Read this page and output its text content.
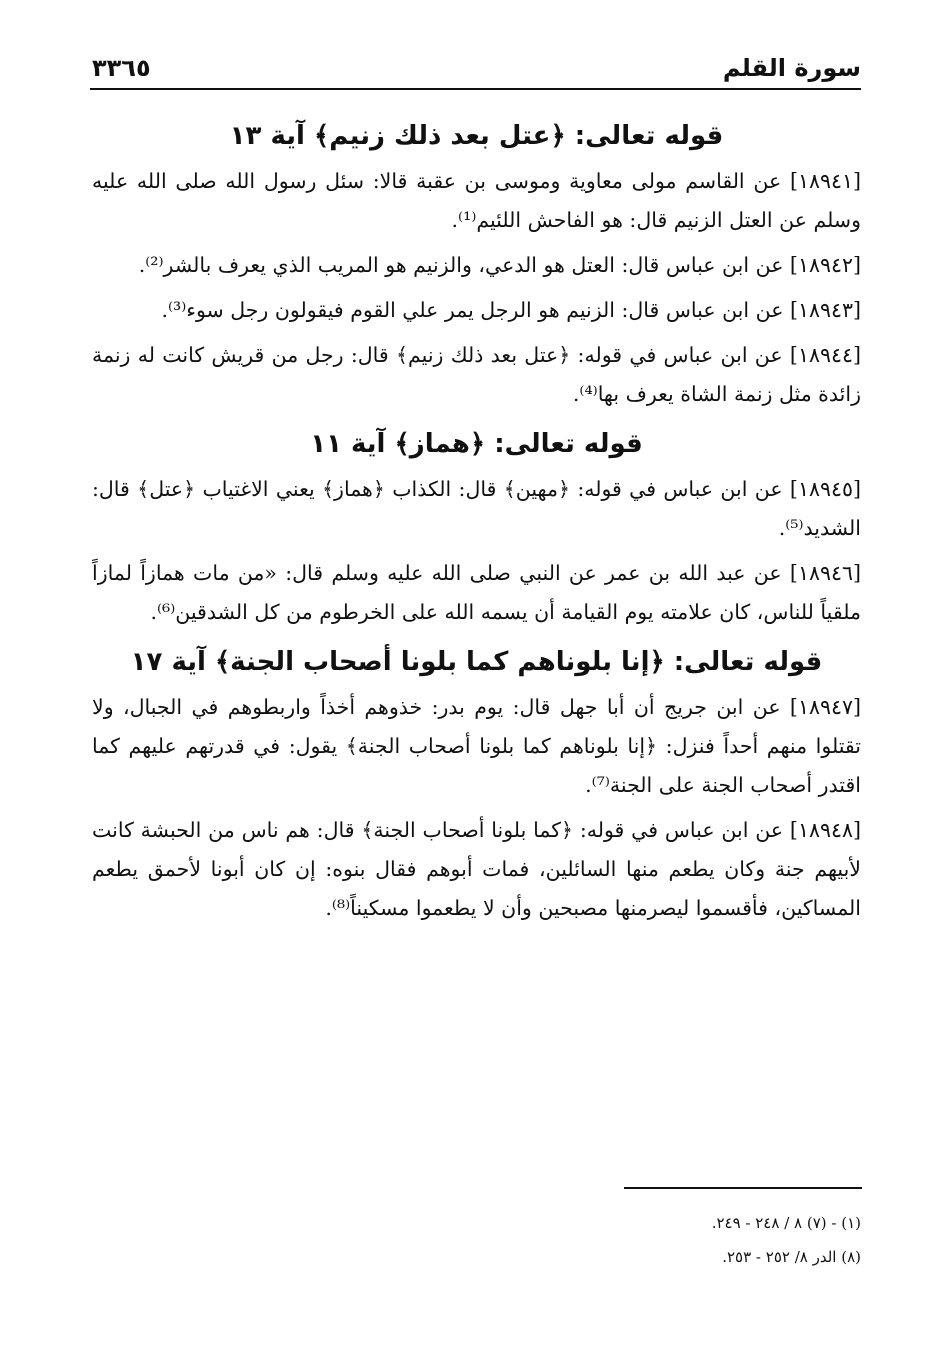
سورة القلم
٣٣٦٥
قوله تعالى: ﴿عتل بعد ذلك زنيم﴾ آية ١٣

[١٨٩٤١] عن القاسم مولى معاوية وموسى بن عقبة قالا: سئل رسول الله صلى الله عليه وسلم عن العتل الزنيم قال: هو الفاحش اللئيم⁽¹⁾.

[١٨٩٤٢] عن ابن عباس قال: العتل هو الدعي، والزنيم هو المريب الذي يعرف بالشر⁽²⁾.

[١٨٩٤٣] عن ابن عباس قال: الزنيم هو الرجل يمر علي القوم فيقولون رجل سوء⁽³⁾.

[١٨٩٤٤] عن ابن عباس في قوله: ﴿عتل بعد ذلك زنيم﴾ قال: رجل من قريش كانت له زنمة زائدة مثل زنمة الشاة يعرف بها⁽⁴⁾.

قوله تعالى: ﴿هماز﴾ آية ١١

[١٨٩٤٥] عن ابن عباس في قوله: ﴿مهين﴾ قال: الكذاب ﴿هماز﴾ يعني الاغتياب ﴿عتل﴾ قال: الشديد⁽⁵⁾.

[١٨٩٤٦] عن عبد الله بن عمر عن النبي صلى الله عليه وسلم قال: «من مات همازاً لمازاً ملقياً للناس، كان علامته يوم القيامة أن يسمه الله على الخرطوم من كل الشدقين⁽⁶⁾.

قوله تعالى: ﴿إنا بلوناهم كما بلونا أصحاب الجنة﴾ آية ١٧

[١٨٩٤٧] عن ابن جريج أن أبا جهل قال: يوم بدر: خذوهم أخذاً واربطوهم في الجبال، ولا تقتلوا منهم أحداً فنزل: ﴿إنا بلوناهم كما بلونا أصحاب الجنة﴾ يقول: في قدرتهم عليهم كما اقتدر أصحاب الجنة على الجنة⁽⁷⁾.

[١٨٩٤٨] عن ابن عباس في قوله: ﴿كما بلونا أصحاب الجنة﴾ قال: هم ناس من الحبشة كانت لأبيهم جنة وكان يطعم منها السائلين، فمات أبوهم فقال بنوه: إن كان أبونا لأحمق يطعم المساكين، فأقسموا ليصرمنها مصبحين وأن لا يطعموا مسكيناً⁽⁸⁾.

(١) - (٧) ٨ / ٢٤٨ - ٢٤٩.
(٨) الدر ٨/ ٢٥٢ - ٢٥٣.
